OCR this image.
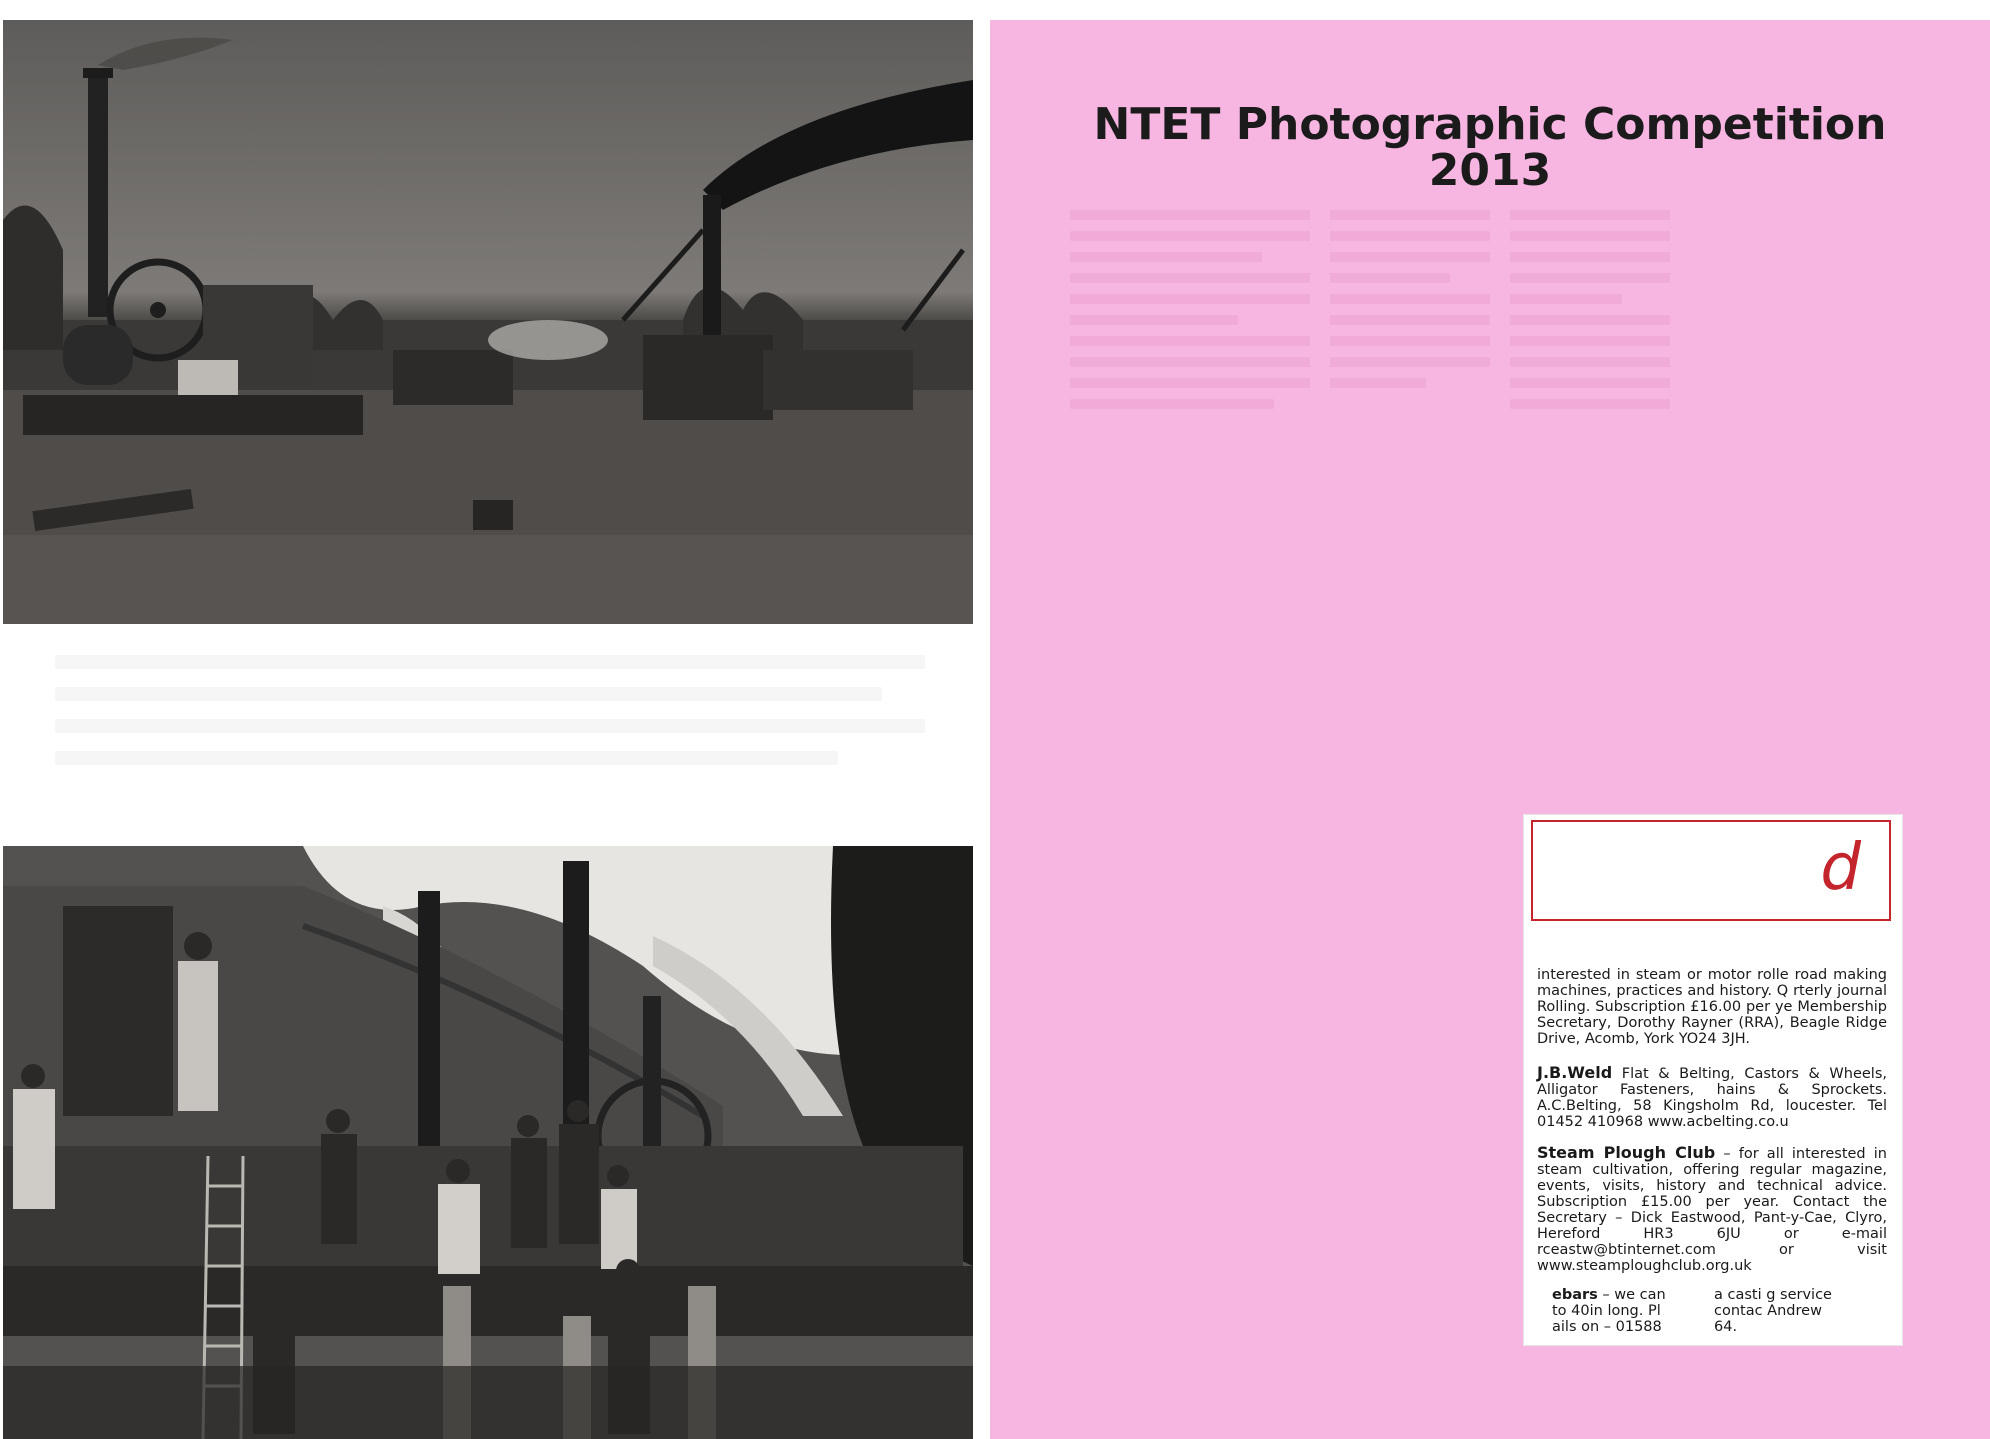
NTET Photographic Competition
2013
d

interested in steam or motor rolle road making machines, practices and history. Q rterly journal Rolling. Subscription £16.00 per ye Membership Secretary, Dorothy Rayner (RRA), Beagle Ridge Drive, Acomb, York YO24 3JH.

J.B.Weld Flat & Belting, Castors & Wheels, Alligator Fasteners, hains & Sprockets. A.C.Belting, 58 Kingsholm Rd, loucester. Tel 01452 410968 www.acbelting.co.u

Steam Plough Club – for all interested in steam cultivation, offering regular magazine, events, visits, history and technical advice. Subscription £15.00 per year. Contact the Secretary – Dick Eastwood, Pant-y-Cae, Clyro, Hereford HR3 6JU or e-mail rceastw@btinternet.com or visit www.steamploughclub.org.uk

ebars – we can to 40in long. Pl ails on – 01588

a casti g service contac Andrew 64.
